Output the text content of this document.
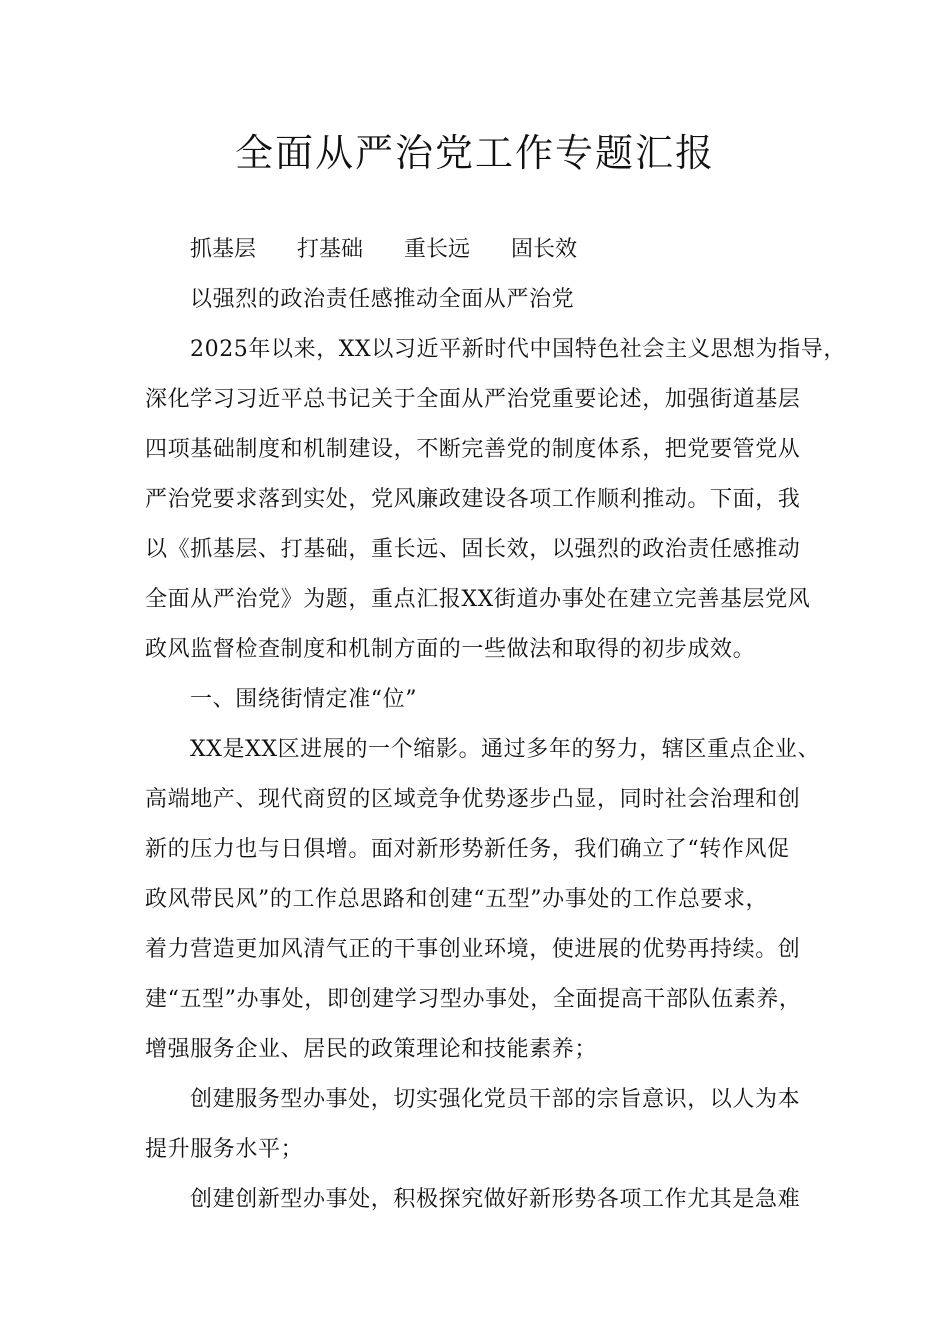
全面从严治党工作专题汇报
抓基层 打基础 重长远 固长效
以强烈的政治责任感推动全面从严治党
2025年以来，XX以习近平新时代中国特色社会主义思想为指导，
深化学习习近平总书记关于全面从严治党重要论述，加强街道基层
四项基础制度和机制建设，不断完善党的制度体系，把党要管党从
严治党要求落到实处，党风廉政建设各项工作顺利推动。下面，我
以《抓基层、打基础，重长远、固长效，以强烈的政治责任感推动
全面从严治党》为题，重点汇报XX街道办事处在建立完善基层党风
政风监督检查制度和机制方面的一些做法和取得的初步成效。
一、围绕街情定准“位”
XX是XX区进展的一个缩影。通过多年的努力，辖区重点企业、
高端地产、现代商贸的区域竞争优势逐步凸显，同时社会治理和创
新的压力也与日俱增。面对新形势新任务，我们确立了“转作风促
政风带民风”的工作总思路和创建“五型”办事处的工作总要求，
着力营造更加风清气正的干事创业环境，使进展的优势再持续。创
建“五型”办事处，即创建学习型办事处，全面提高干部队伍素养，
增强服务企业、居民的政策理论和技能素养；
创建服务型办事处，切实强化党员干部的宗旨意识，以人为本
提升服务水平；
创建创新型办事处，积极探究做好新形势各项工作尤其是急难
